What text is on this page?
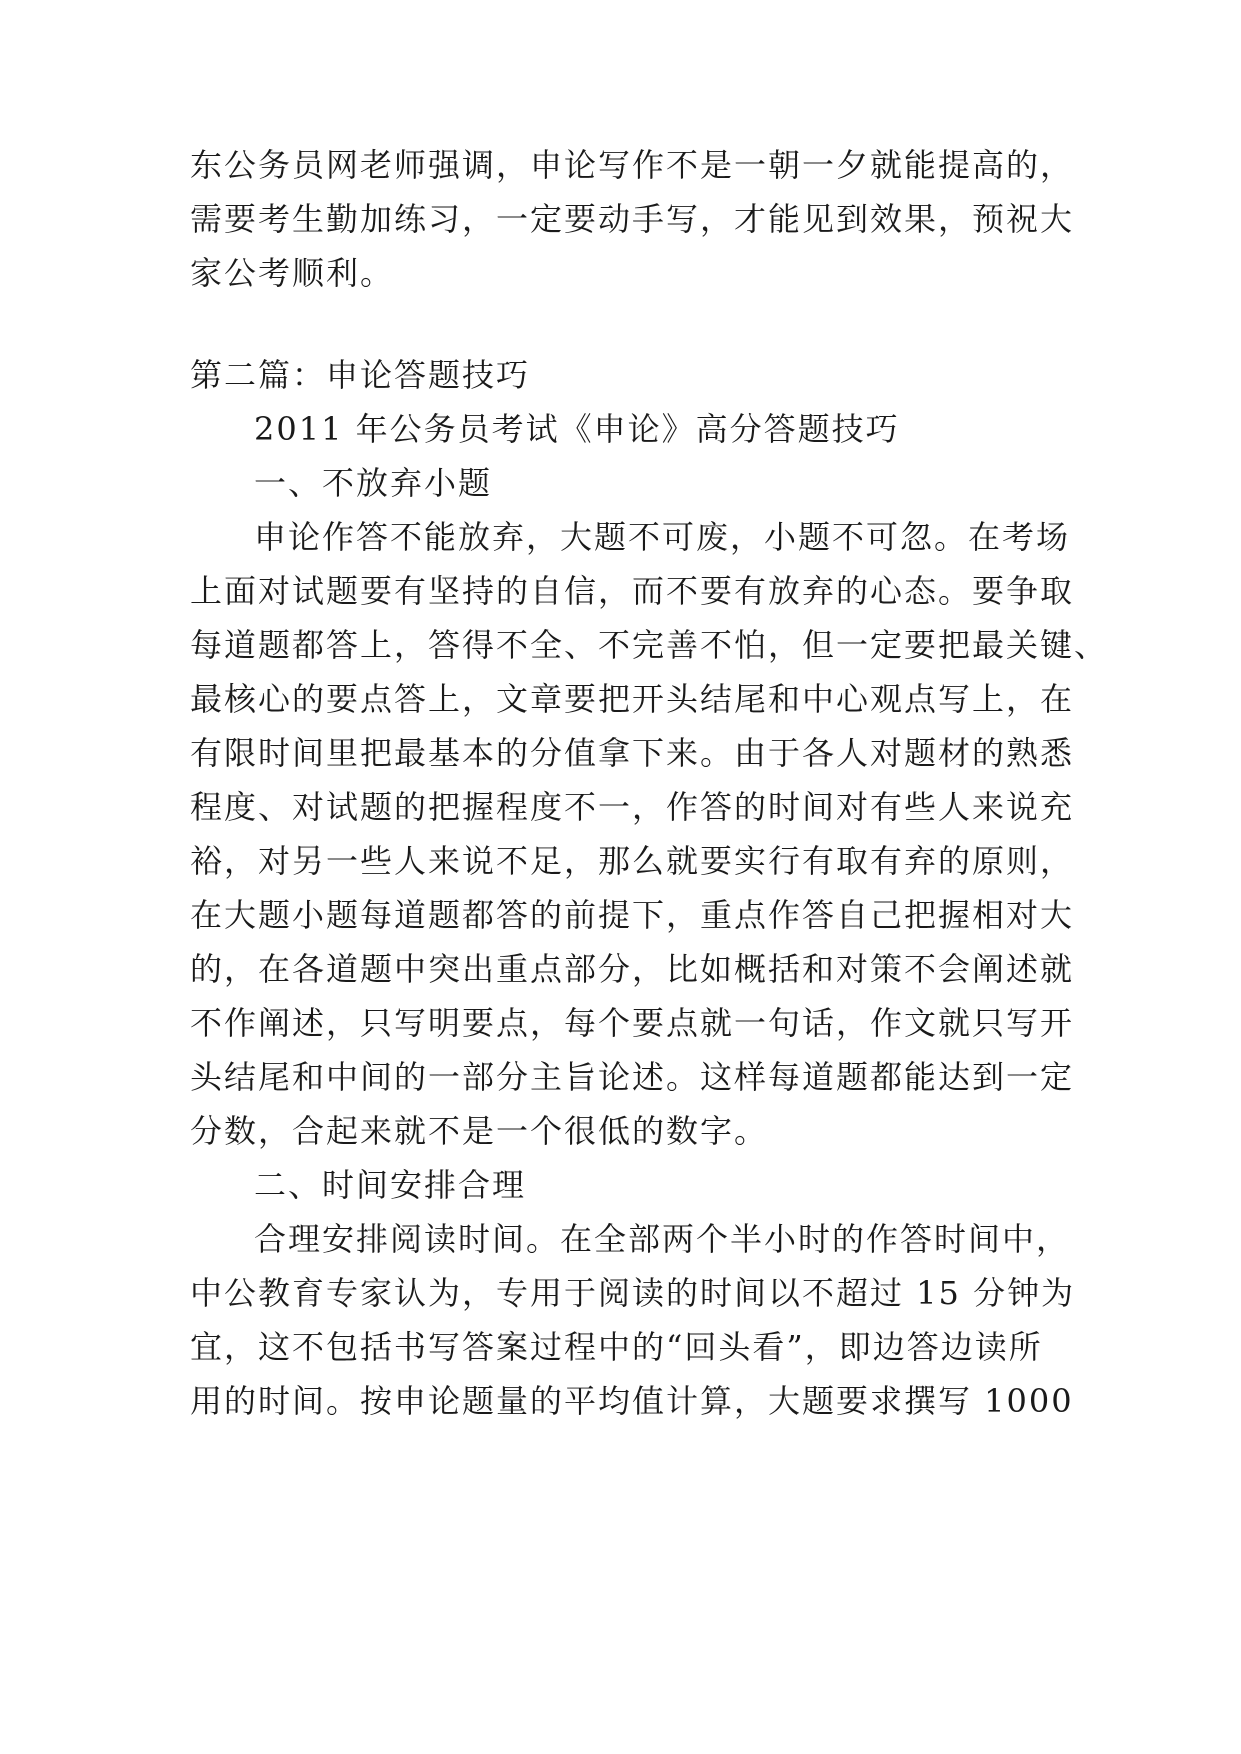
东公务员网老师强调，申论写作不是一朝一夕就能提高的，
需要考生勤加练习，一定要动手写，才能见到效果，预祝大
家公考顺利。
第二篇：申论答题技巧
2011 年公务员考试《申论》高分答题技巧
一、不放弃小题
申论作答不能放弃，大题不可废，小题不可忽。在考场
上面对试题要有坚持的自信，而不要有放弃的心态。要争取
每道题都答上，答得不全、不完善不怕，但一定要把最关键、
最核心的要点答上，文章要把开头结尾和中心观点写上，在
有限时间里把最基本的分值拿下来。由于各人对题材的熟悉
程度、对试题的把握程度不一，作答的时间对有些人来说充
裕，对另一些人来说不足，那么就要实行有取有弃的原则，
在大题小题每道题都答的前提下，重点作答自己把握相对大
的，在各道题中突出重点部分，比如概括和对策不会阐述就
不作阐述，只写明要点，每个要点就一句话，作文就只写开
头结尾和中间的一部分主旨论述。这样每道题都能达到一定
分数，合起来就不是一个很低的数字。
二、时间安排合理
合理安排阅读时间。在全部两个半小时的作答时间中，
中公教育专家认为，专用于阅读的时间以不超过 15 分钟为
宜，这不包括书写答案过程中的“回头看”，即边答边读所
用的时间。按申论题量的平均值计算，大题要求撰写 1000
